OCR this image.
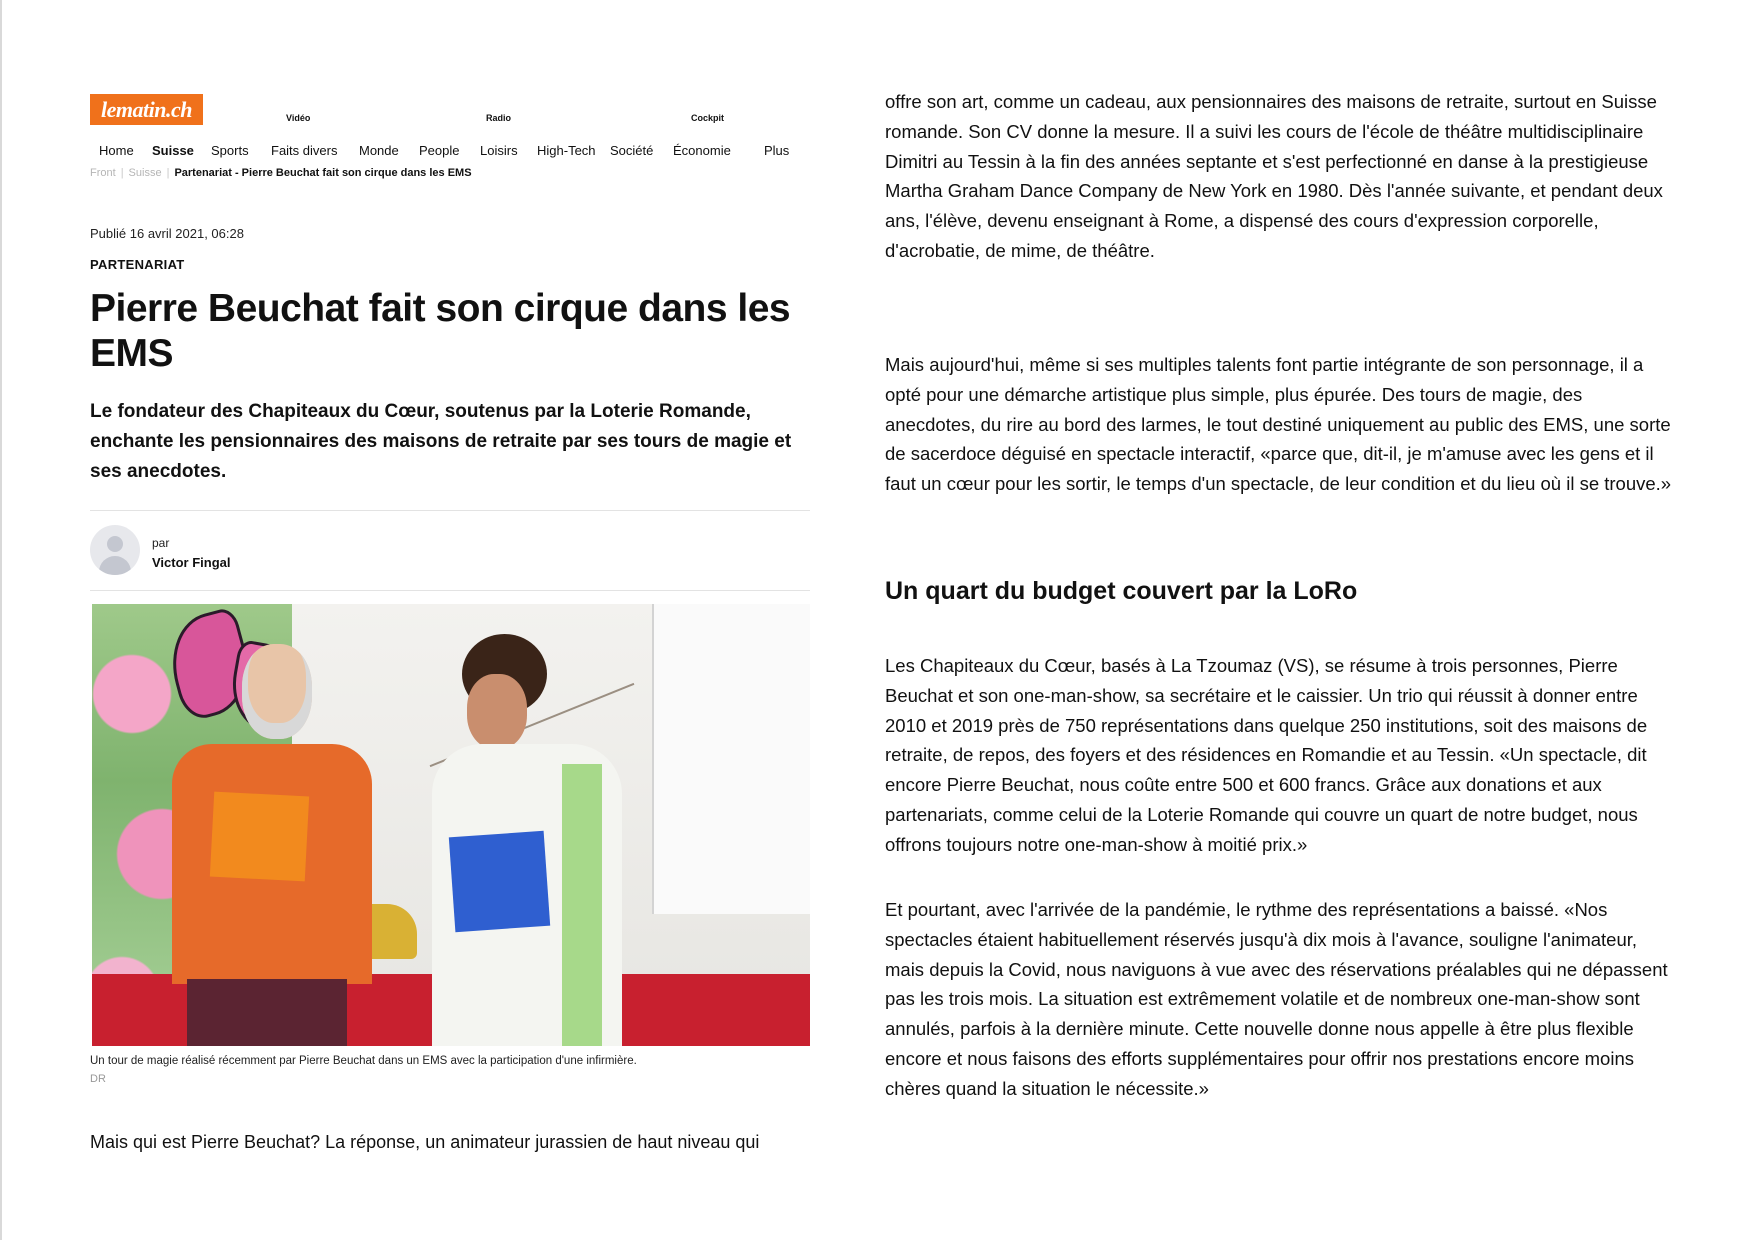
lematin.ch	Vidéo	Radio	Cockpit
Home Suisse Sports Faits divers Monde People Loisirs High-Tech Société Économie	Plus
Front | Suisse | Partenariat - Pierre Beuchat fait son cirque dans les EMS
Publié 16 avril 2021, 06:28
PARTENARIAT
Pierre Beuchat fait son cirque dans les EMS

Le fondateur des Chapiteaux du Cœur, soutenus par la Loterie Romande, enchante les pensionnaires des maisons de retraite par ses tours de magie et ses anecdotes.

par
Victor Fingal
Un tour de magie réalisé récemment par Pierre Beuchat dans un EMS avec la participation d'une infirmière.
DR

Mais qui est Pierre Beuchat? La réponse, un animateur jurassien de haut niveau qui

offre son art, comme un cadeau, aux pensionnaires des maisons de retraite, surtout en Suisse romande. Son CV donne la mesure. Il a suivi les cours de l'école de théâtre multidisciplinaire Dimitri au Tessin à la fin des années septante et s'est perfectionné en danse à la prestigieuse Martha Graham Dance Company de New York en 1980. Dès l'année suivante, et pendant deux ans, l'élève, devenu enseignant à Rome, a dispensé des cours d'expression corporelle, d'acrobatie, de mime, de théâtre.

Mais aujourd'hui, même si ses multiples talents font partie intégrante de son personnage, il a opté pour une démarche artistique plus simple, plus épurée. Des tours de magie, des anecdotes, du rire au bord des larmes, le tout destiné uniquement au public des EMS, une sorte de sacerdoce déguisé en spectacle interactif, «parce que, dit-il, je m'amuse avec les gens et il faut un cœur pour les sortir, le temps d'un spectacle, de leur condition et du lieu où il se trouve.»

Un quart du budget couvert par la LoRo

Les Chapiteaux du Cœur, basés à La Tzoumaz (VS), se résume à trois personnes, Pierre Beuchat et son one-man-show, sa secrétaire et le caissier. Un trio qui réussit à donner entre 2010 et 2019 près de 750 représentations dans quelque 250 institutions, soit des maisons de retraite, de repos, des foyers et des résidences en Romandie et au Tessin. «Un spectacle, dit encore Pierre Beuchat, nous coûte entre 500 et 600 francs. Grâce aux donations et aux partenariats, comme celui de la Loterie Romande qui couvre un quart de notre budget, nous offrons toujours notre one-man-show à moitié prix.»

Et pourtant, avec l'arrivée de la pandémie, le rythme des représentations a baissé. «Nos spectacles étaient habituellement réservés jusqu'à dix mois à l'avance, souligne l'animateur, mais depuis la Covid, nous naviguons à vue avec des réservations préalables qui ne dépassent pas les trois mois. La situation est extrêmement volatile et de nombreux one-man-show sont annulés, parfois à la dernière minute. Cette nouvelle donne nous appelle à être plus flexible encore et nous faisons des efforts supplémentaires pour offrir nos prestations encore moins chères quand la situation le nécessite.»
